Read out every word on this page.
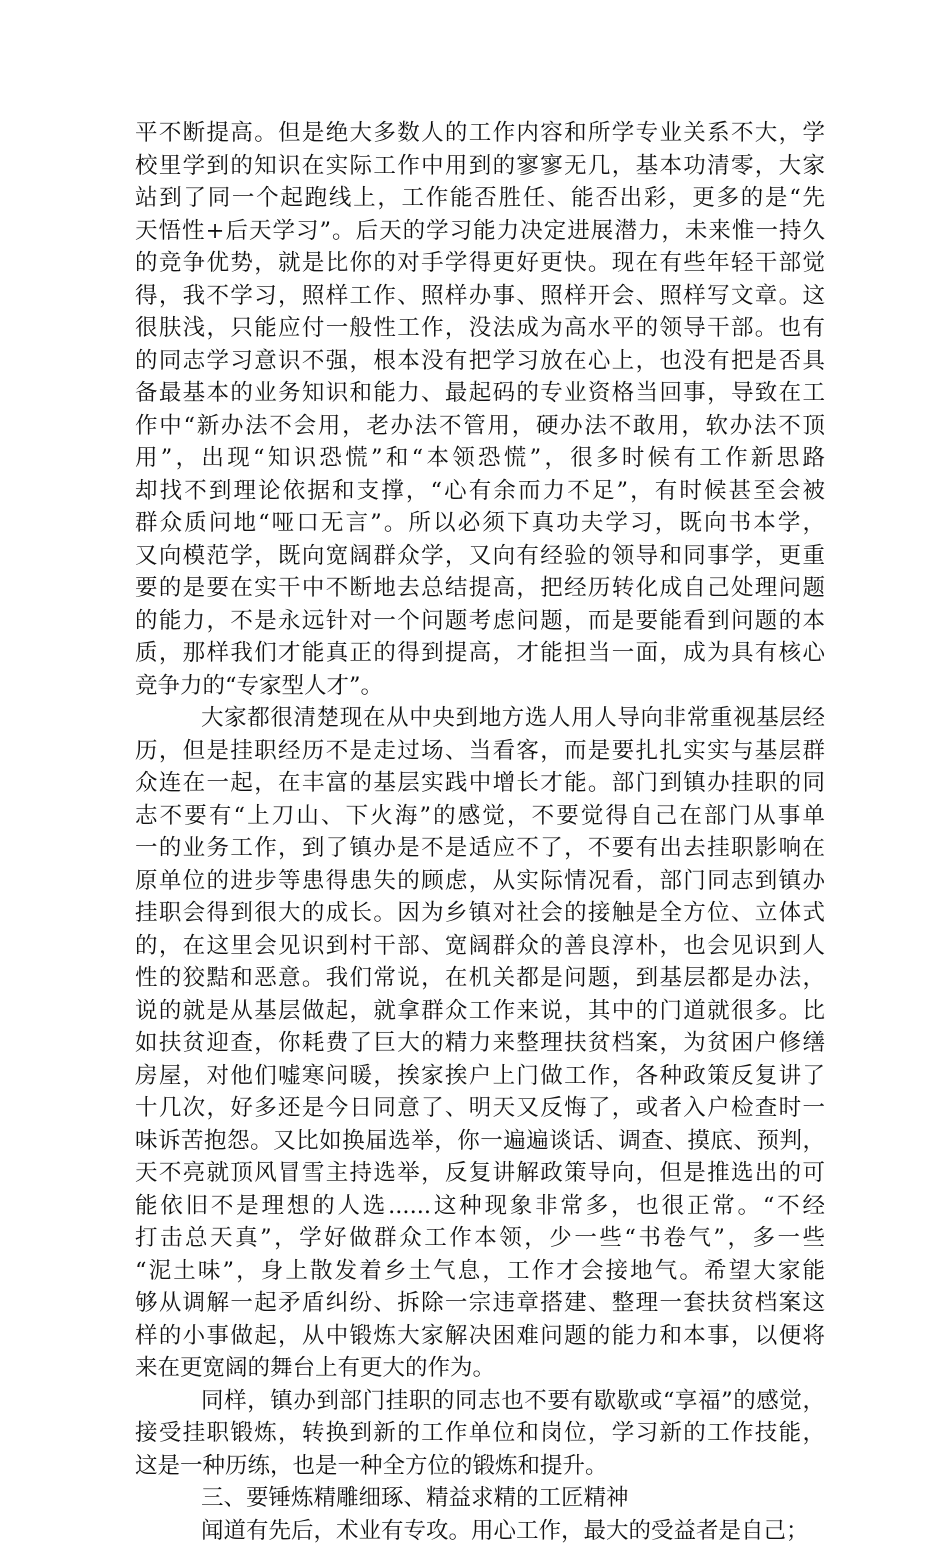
平不断提高。但是绝大多数人的工作内容和所学专业关系不大，学
校里学到的知识在实际工作中用到的寥寥无几，基本功清零，大家
站到了同一个起跑线上，工作能否胜任、能否出彩，更多的是“先
天悟性+后天学习”。后天的学习能力决定进展潜力，未来惟一持久
的竞争优势，就是比你的对手学得更好更快。现在有些年轻干部觉
得，我不学习，照样工作、照样办事、照样开会、照样写文章。这
很肤浅，只能应付一般性工作，没法成为高水平的领导干部。也有
的同志学习意识不强，根本没有把学习放在心上，也没有把是否具
备最基本的业务知识和能力、最起码的专业资格当回事，导致在工
作中“新办法不会用，老办法不管用，硬办法不敢用，软办法不顶
用”，出现“知识恐慌”和“本领恐慌”，很多时候有工作新思路
却找不到理论依据和支撑，“心有余而力不足”，有时候甚至会被
群众质问地“哑口无言”。所以必须下真功夫学习，既向书本学，
又向模范学，既向宽阔群众学，又向有经验的领导和同事学，更重
要的是要在实干中不断地去总结提高，把经历转化成自己处理问题
的能力，不是永远针对一个问题考虑问题，而是要能看到问题的本
质，那样我们才能真正的得到提高，才能担当一面，成为具有核心
竞争力的“专家型人才”。
大家都很清楚现在从中央到地方选人用人导向非常重视基层经
历，但是挂职经历不是走过场、当看客，而是要扎扎实实与基层群
众连在一起，在丰富的基层实践中增长才能。部门到镇办挂职的同
志不要有“上刀山、下火海”的感觉，不要觉得自己在部门从事单
一的业务工作，到了镇办是不是适应不了，不要有出去挂职影响在
原单位的进步等患得患失的顾虑，从实际情况看，部门同志到镇办
挂职会得到很大的成长。因为乡镇对社会的接触是全方位、立体式
的，在这里会见识到村干部、宽阔群众的善良淳朴，也会见识到人
性的狡黠和恶意。我们常说，在机关都是问题，到基层都是办法，
说的就是从基层做起，就拿群众工作来说，其中的门道就很多。比
如扶贫迎查，你耗费了巨大的精力来整理扶贫档案，为贫困户修缮
房屋，对他们嘘寒问暖，挨家挨户上门做工作，各种政策反复讲了
十几次，好多还是今日同意了、明天又反悔了，或者入户检查时一
味诉苦抱怨。又比如换届选举，你一遍遍谈话、调查、摸底、预判，
天不亮就顶风冒雪主持选举，反复讲解政策导向，但是推选出的可
能依旧不是理想的人选......这种现象非常多，也很正常。“不经
打击总天真”，学好做群众工作本领，少一些“书卷气”，多一些
“泥土味”，身上散发着乡土气息，工作才会接地气。希望大家能
够从调解一起矛盾纠纷、拆除一宗违章搭建、整理一套扶贫档案这
样的小事做起，从中锻炼大家解决困难问题的能力和本事，以便将
来在更宽阔的舞台上有更大的作为。
同样，镇办到部门挂职的同志也不要有歇歇或“享福”的感觉，
接受挂职锻炼，转换到新的工作单位和岗位，学习新的工作技能，
这是一种历练，也是一种全方位的锻炼和提升。
三、要锤炼精雕细琢、精益求精的工匠精神
闻道有先后，术业有专攻。用心工作，最大的受益者是自己；
